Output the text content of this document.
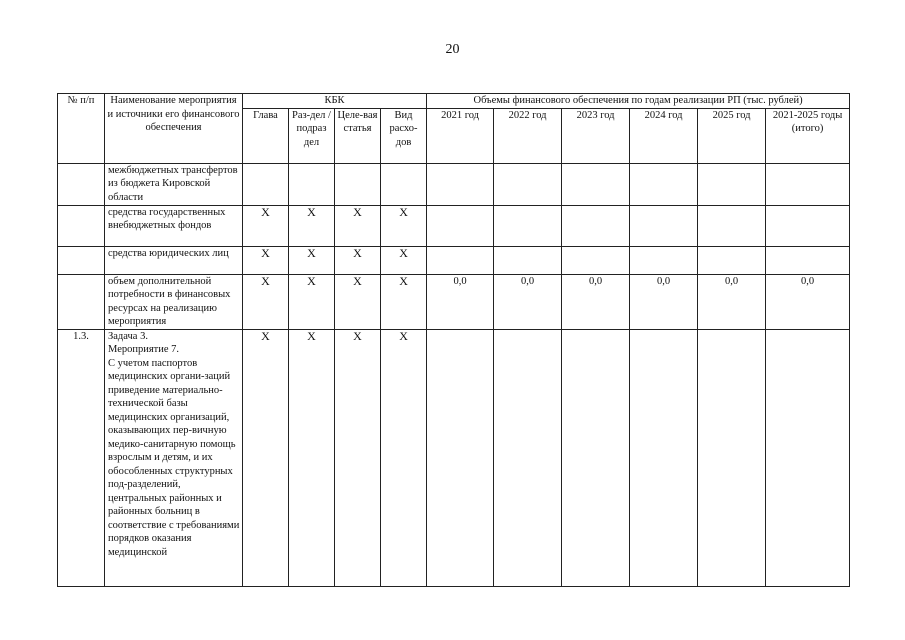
20
№ п/п	Наименование мероприятия и источники его финансового обеспечения	КБК				Объемы финансового обеспечения по годам реализации РП (тыс. рублей)					
		Глава	Раз-дел / подраз дел	Целе-вая статья	Вид расхо-дов	2021 год	2022 год	2023 год	2024 год	2025 год	2021-2025 годы (итого)
	межбюджетных трансфертов из бюджета Кировской области										
	средства государственных внебюджетных фондов	Х	Х	Х	Х						
	средства юридических лиц	Х	Х	Х	Х						
	объем дополнительной потребности в финансовых ресурсах на реализацию мероприятия	Х	Х	Х	Х	0,0	0,0	0,0	0,0	0,0	0,0
1.3.	Задача 3.
Мероприятие 7.
С учетом паспортов медицинских органи-заций приведение материально-технической базы медицинских организаций, оказывающих пер-вичную медико-санитарную помощь взрослым и детям, и их обособленных структурных под-разделений, центральных районных и районных больниц в соответствие с требованиями порядков оказания медицинской	Х	Х	Х	Х						
